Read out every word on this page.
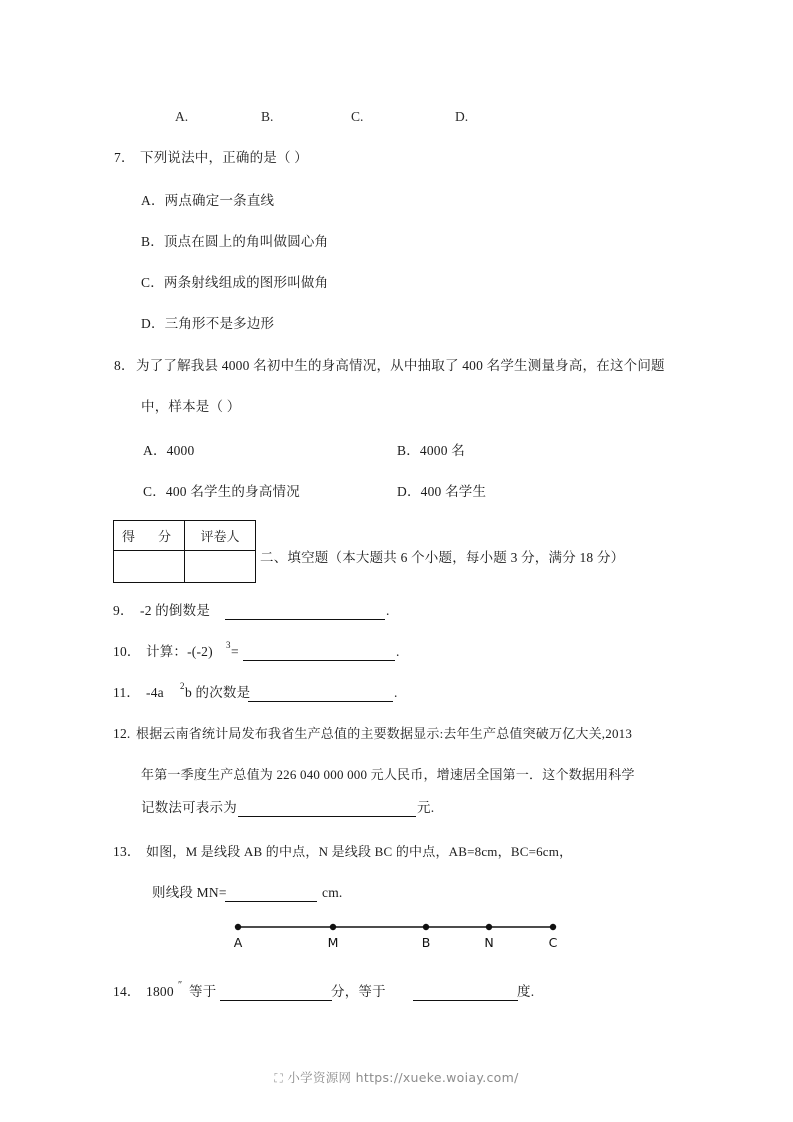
A.	B.	C.	D.
7． 下列说法中，正确的是（ ）
A．两点确定一条直线
B．顶点在圆上的角叫做圆心角
C．两条射线组成的图形叫做角
D．三角形不是多边形
8． 为了了解我县 4000 名初中生的身高情况，从中抽取了 400 名学生测量身高，在这个问题
中，样本是（ ）
A．4000	B．4000 名
C．400 名学生的身高情况	D．400 名学生
得　分	评卷人

二、填空题（本大题共 6 个小题，每小题 3 分，满分 18 分）
9． -2 的倒数是	.
10． 计算：-(-2) 3 =	.
11． -4a 2 b 的次数是	.
12. 根据云南省统计局发布我省生产总值的主要数据显示:去年生产总值突破万亿大关,2013
年第一季度生产总值为 226 040 000 000 元人民币，增速居全国第一．这个数据用科学
记数法可表示为	元.
13． 如图，M 是线段 AB 的中点，N 是线段 BC 的中点，AB=8cm，BC=6cm，
则线段 MN=	cm.
A	M	B	N	C
14． 1800 ″ 等于	分，等于	度.
⛶ 小学资源网 https://xueke.woiay.com/
